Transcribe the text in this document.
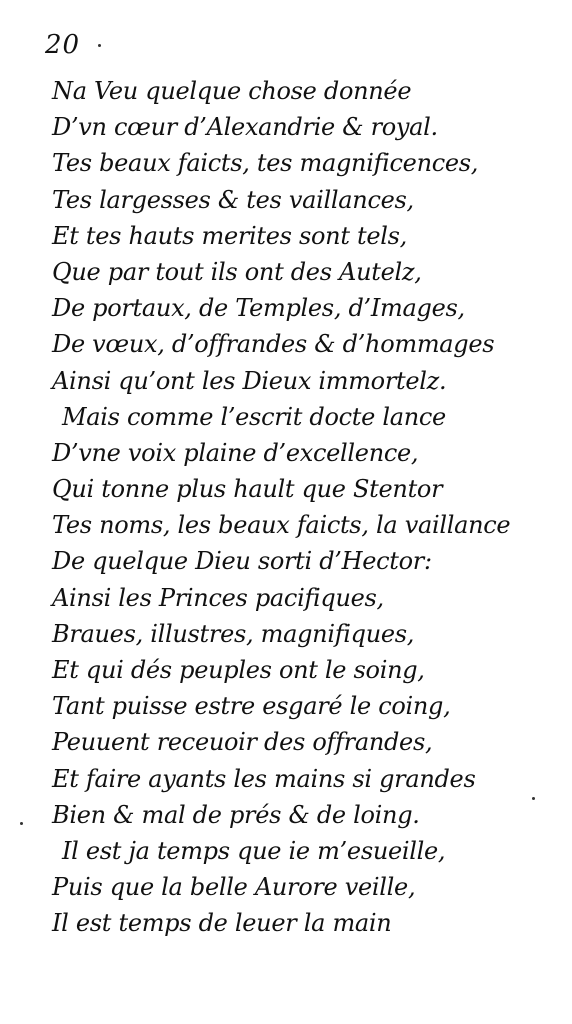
20
Na Veu quelque chose donnée
D’vn cœur d’Alexandrie & royal.
Tes beaux faicts, tes magnificences,
Tes largesses & tes vaillances,
Et tes hauts merites sont tels,
Que par tout ils ont des Autelz,
De portaux, de Temples, d’Images,
De vœux, d’offrandes & d’hommages
Ainsi qu’ont les Dieux immortelz.
Mais comme l’escrit docte lance
D’vne voix plaine d’excellence,
Qui tonne plus hault que Stentor
Tes noms, les beaux faicts, la vaillance
De quelque Dieu sorti d’Hector:
Ainsi les Princes pacifiques,
Braues, illustres, magnifiques,
Et qui dés peuples ont le soing,
Tant puisse estre esgaré le coing,
Peuuent receuoir des offrandes,
Et faire ayants les mains si grandes
Bien & mal de prés & de loing.
Il est ja temps que ie m’esueille,
Puis que la belle Aurore veille,
Il est temps de leuer la main
